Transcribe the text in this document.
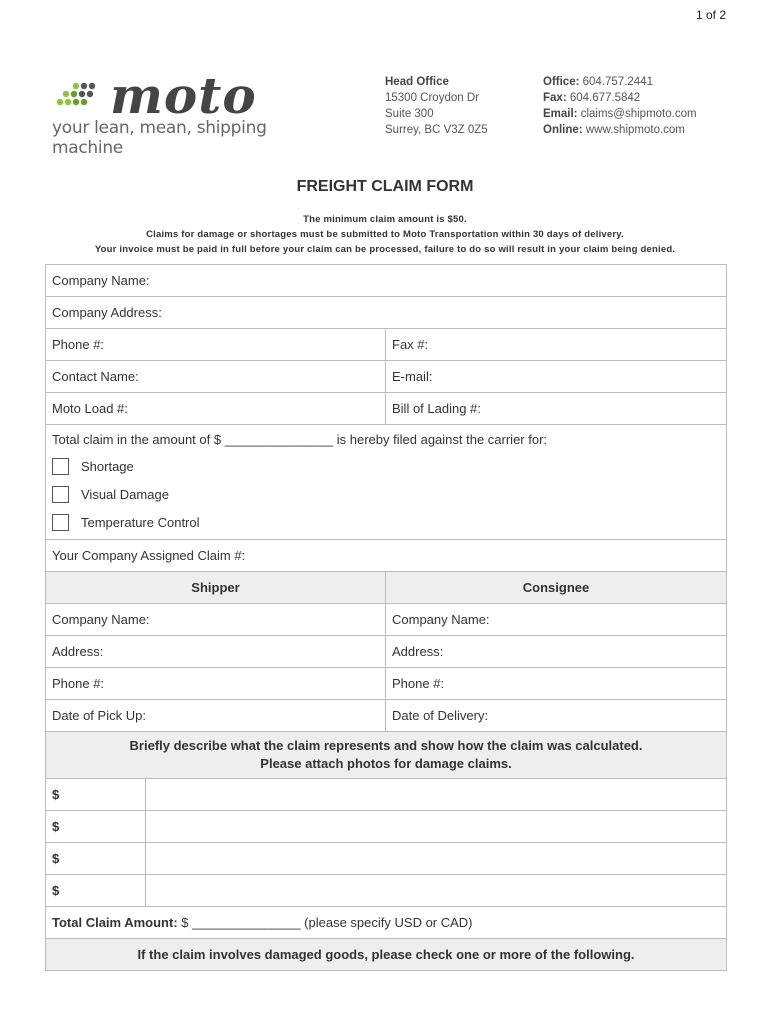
1 of 2
moto
your lean, mean, shipping machine
Head Office
15300 Croydon Dr
Suite 300
Surrey, BC V3Z 0Z5
Office: 604.757.2441
Fax: 604.677.5842
Email: claims@shipmoto.com
Online: www.shipmoto.com
FREIGHT CLAIM FORM
The minimum claim amount is $50.
Claims for damage or shortages must be submitted to Moto Transportation within 30 days of delivery.
Your invoice must be paid in full before your claim can be processed, failure to do so will result in your claim being denied.
Company Name:		
Company Address:		
Phone #:		Fax #:
Contact Name:		E-mail:
Moto Load #:		Bill of Lading #:

Total claim in the amount of $ _______________ is hereby filed against the carrier for:
Shortage
Visual Damage
Temperature Control		

Your Company Assigned Claim #:		
Shipper		Consignee
Company Name:		Company Name:
Address:		Address:
Phone #:		Phone #:
Date of Pick Up:		Date of Delivery:

Briefly describe what the claim represents and show how the claim was calculated.
Please attach photos for damage claims.		

$		
$		
$		
$		
Total Claim Amount: $ _______________ (please specify USD or CAD)		
If the claim involves damaged goods, please check one or more of the following.		
